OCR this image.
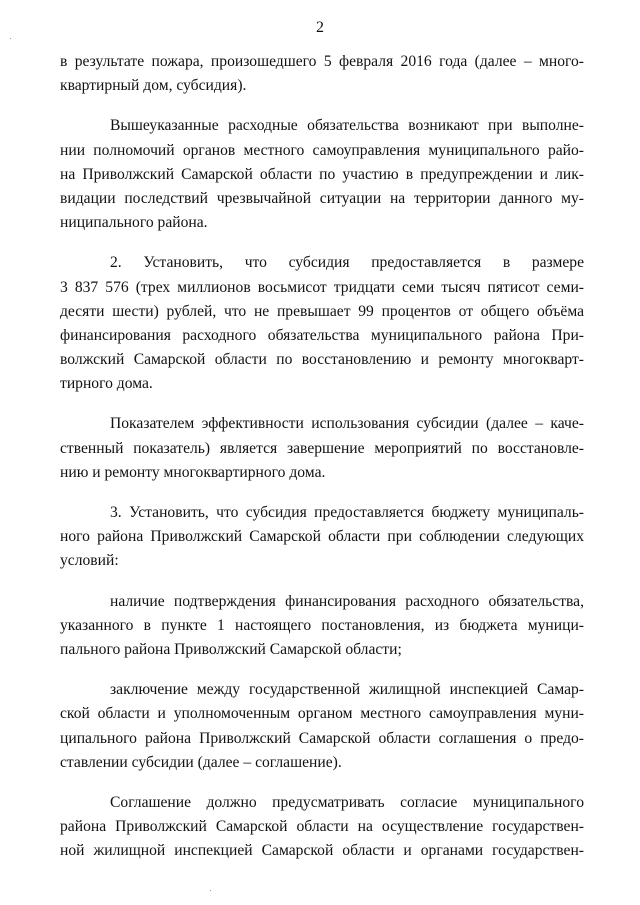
2
в результате пожара, произошедшего 5 февраля 2016 года (далее – много-
квартирный дом, субсидия).
Вышеуказанные расходные обязательства возникают при выполне-
нии полномочий органов местного самоуправления муниципального райо-
на Приволжский Самарской области по участию в предупреждении и лик-
видации последствий чрезвычайной ситуации на территории данного му-
ниципального района.
2. Установить, что субсидия предоставляется в размере
3 837 576 (трех миллионов восьмисот тридцати семи тысяч пятисот семи-
десяти шести) рублей, что не превышает 99 процентов от общего объёма
финансирования расходного обязательства муниципального района При-
волжский Самарской области по восстановлению и ремонту многокварт-
тирного дома.
Показателем эффективности использования субсидии (далее – каче-
ственный показатель) является завершение мероприятий по восстановле-
нию и ремонту многоквартирного дома.
3. Установить, что субсидия предоставляется бюджету муниципаль-
ного района Приволжский Самарской области при соблюдении следующих
условий:
наличие подтверждения финансирования расходного обязательства,
указанного в пункте 1 настоящего постановления, из бюджета муници-
пального района Приволжский Самарской области;
заключение между государственной жилищной инспекцией Самар-
ской области и уполномоченным органом местного самоуправления муни-
ципального района Приволжский Самарской области соглашения о предо-
ставлении субсидии (далее – соглашение).
Соглашение должно предусматривать согласие муниципального
района Приволжский Самарской области на осуществление государствен-
ной жилищной инспекцией Самарской области и органами государствен-
